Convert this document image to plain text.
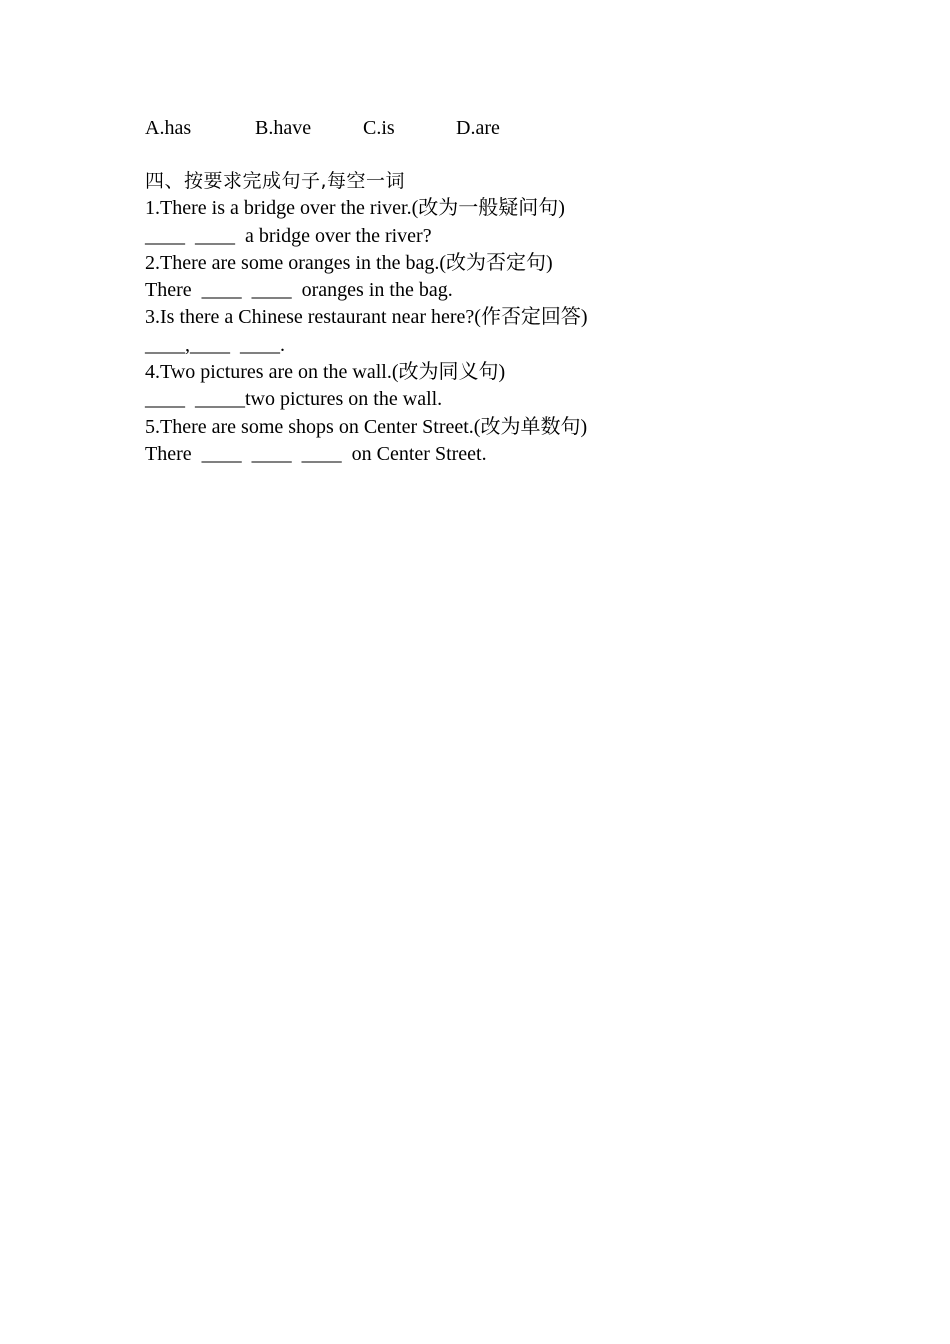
A.has	B.have	C.is	D.are
四、按要求完成句子,每空一词
1.There is a bridge over the river.(改为一般疑问句)
____  ____  a bridge over the river?
2.There are some oranges in the bag.(改为否定句)
There  ____  ____  oranges in the bag.
3.Is there a Chinese restaurant near here?(作否定回答)
____,____  ____.
4.Two pictures are on the wall.(改为同义句)
____  _____two pictures on the wall.
5.There are some shops on Center Street.(改为单数句)
There  ____  ____  ____  on Center Street.
